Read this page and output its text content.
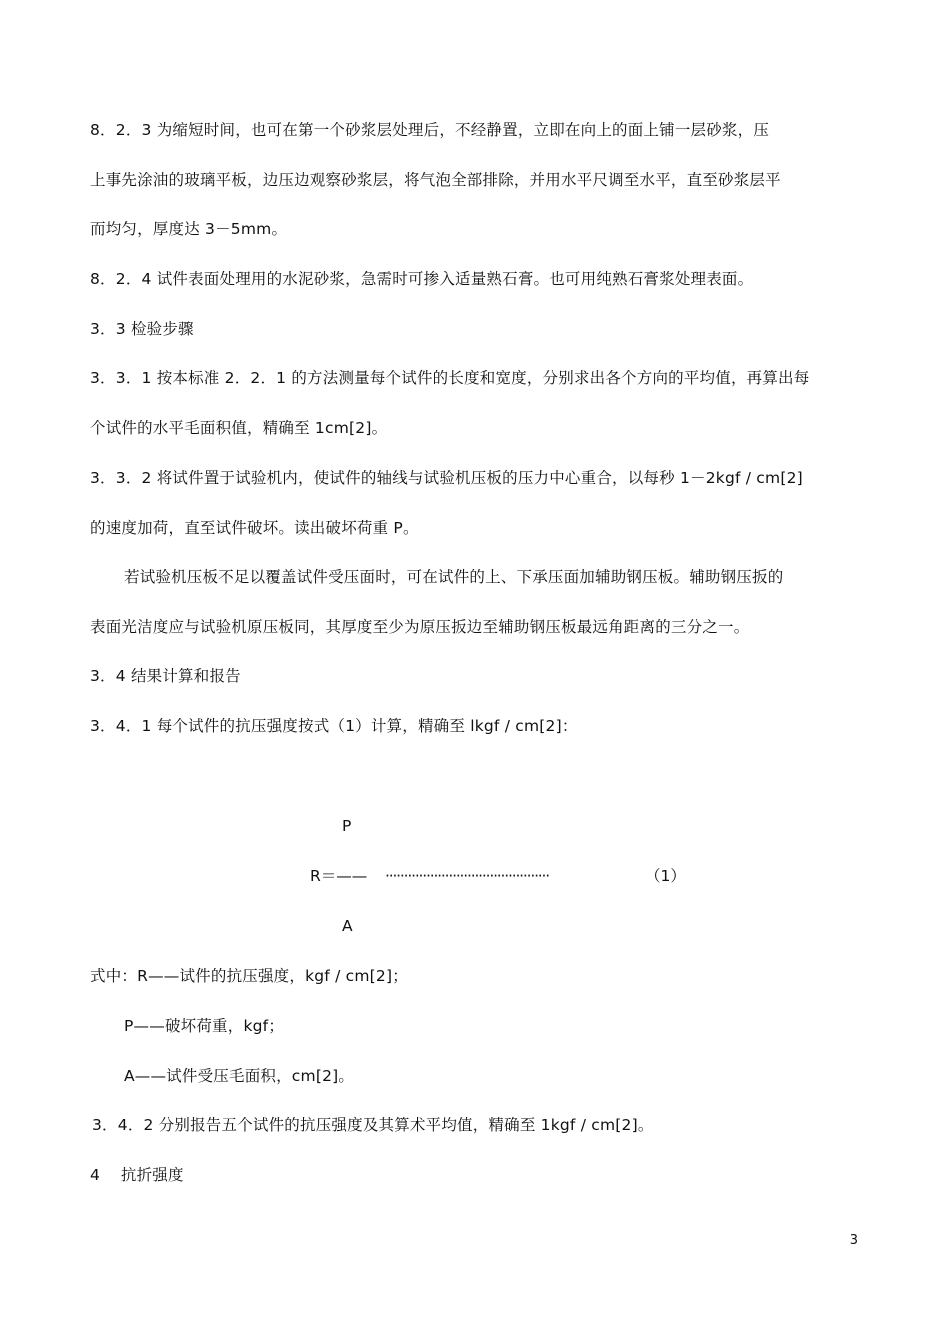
8．2．3 为缩短时间，也可在第一个砂浆层处理后，不经静置，立即在向上的面上铺一层砂浆，压
上事先涂油的玻璃平板，边压边观察砂浆层，将气泡全部排除，并用水平尺调至水平，直至砂浆层平
而均匀，厚度达 3－5mm。
8．2．4 试件表面处理用的水泥砂浆，急需时可掺入适量熟石膏。也可用纯熟石膏浆处理表面。
3．3 检验步骤
3．3．1 按本标准 2．2．1 的方法测量每个试件的长度和宽度，分别求出各个方向的平均值，再算出每
个试件的水平毛面积值，精确至 1cm[2]。
3．3．2 将试件置于试验机内，使试件的轴线与试验机压板的压力中心重合，以每秒 1－2kgf / cm[2]
的速度加荷，直至试件破坏。读出破坏荷重 P。
若试验机压板不足以覆盖试件受压面时，可在试件的上、下承压面加辅助钢压板。辅助钢压扳的
表面光洁度应与试验机原压板同，其厚度至少为原压扳边至辅助钢压板最远角距离的三分之一。
3．4 结果计算和报告
3．4．1 每个试件的抗压强度按式（1）计算，精确至 lkgf / cm[2]：
P
R＝—— ············································	（1）
A
式中：R——试件的抗压强度，kgf / cm[2]；
P——破坏荷重，kgf；
A——试件受压毛面积，cm[2]。
3．4．2 分别报告五个试件的抗压强度及其算术平均值，精确至 1kgf / cm[2]。
4　 抗折强度
3
